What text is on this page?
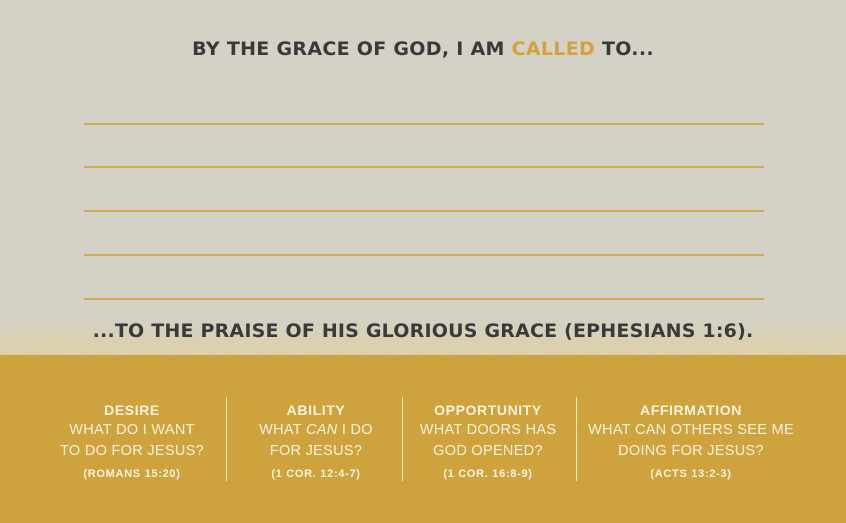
BY THE GRACE OF GOD, I AM CALLED TO...
...TO THE PRAISE OF HIS GLORIOUS GRACE (EPHESIANS 1:6).
DESIRE
WHAT DO I WANT
TO DO FOR JESUS?
(ROMANS 15:20)
ABILITY
WHAT CAN I DO
FOR JESUS?
(1 COR. 12:4-7)
OPPORTUNITY
WHAT DOORS HAS
GOD OPENED?
(1 COR. 16:8-9)
AFFIRMATION
WHAT CAN OTHERS SEE ME
DOING FOR JESUS?
(ACTS 13:2-3)
